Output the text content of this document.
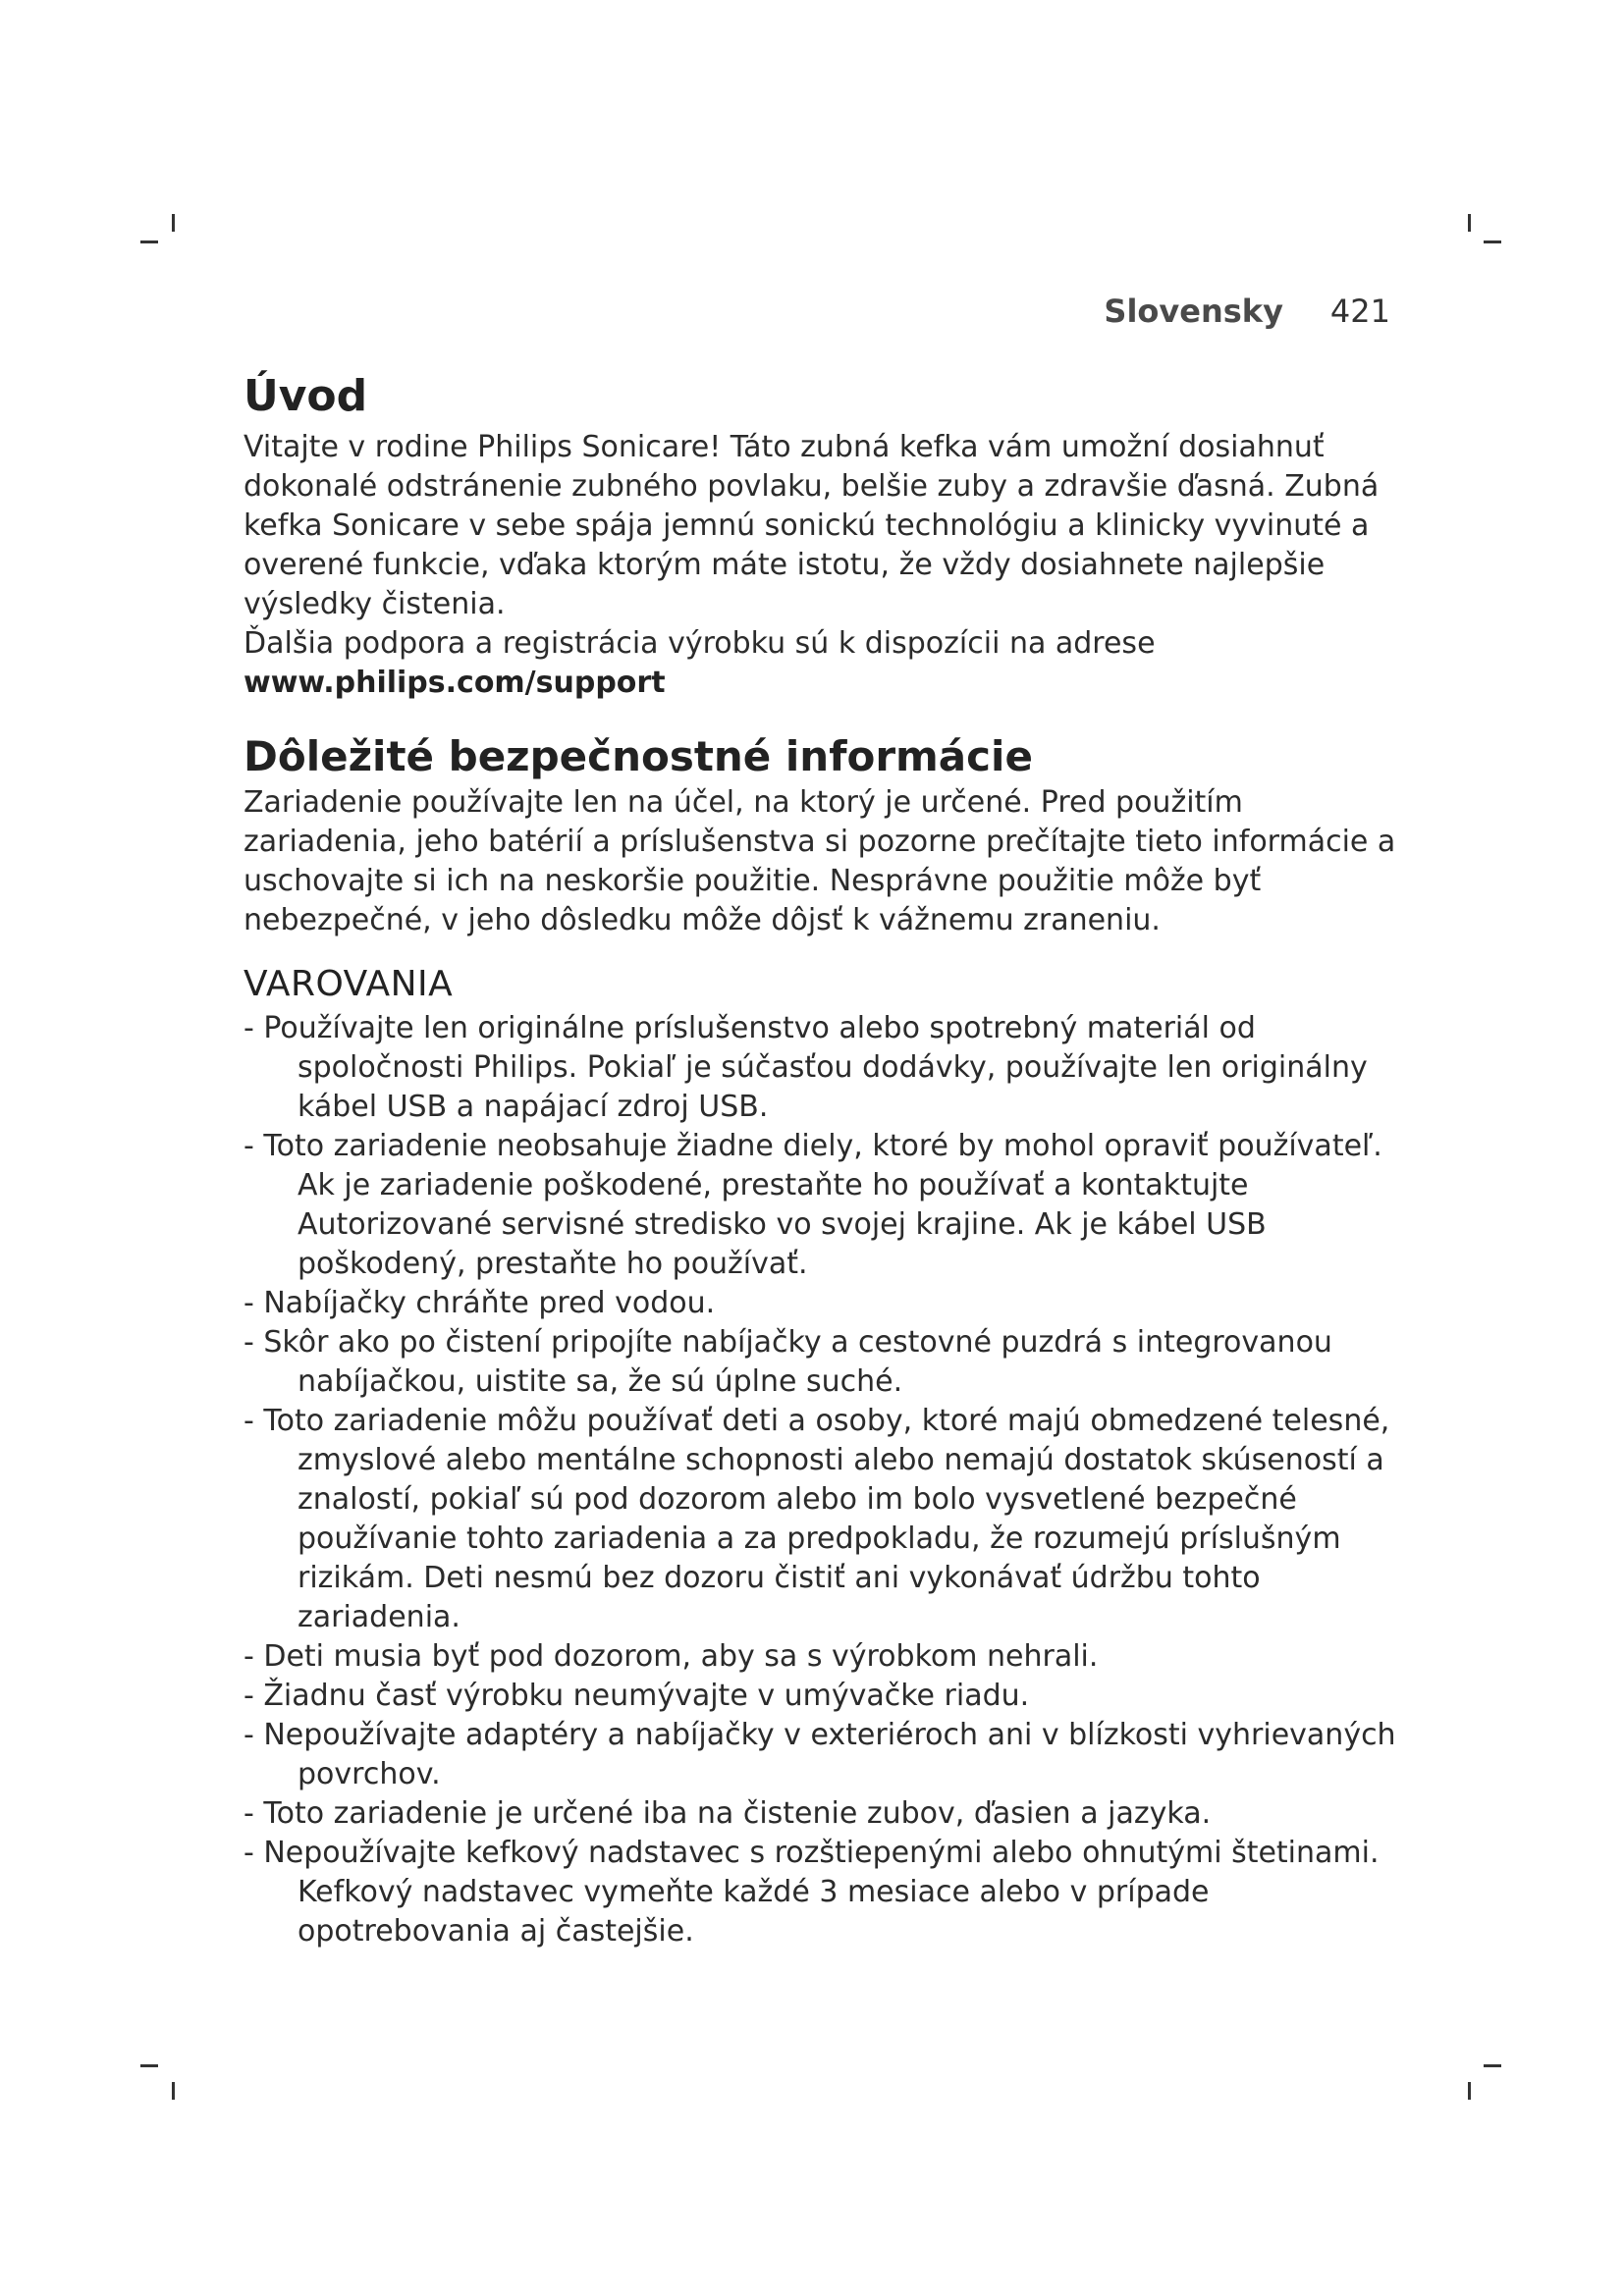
Slovensky 421
Úvod

Vitajte v rodine Philips Sonicare! Táto zubná kefka vám umožní dosiahnuť dokonalé odstránenie zubného povlaku, belšie zuby a zdravšie ďasná. Zubná kefka Sonicare v sebe spája jemnú sonickú technológiu a klinicky vyvinuté a overené funkcie, vďaka ktorým máte istotu, že vždy dosiahnete najlepšie výsledky čistenia.

Ďalšia podpora a registrácia výrobku sú k dispozícii na adrese

www.philips.com/support

Dôležité bezpečnostné informácie

Zariadenie používajte len na účel, na ktorý je určené. Pred použitím zariadenia, jeho batérií a príslušenstva si pozorne prečítajte tieto informácie a uschovajte si ich na neskoršie použitie. Nesprávne použitie môže byť nebezpečné, v jeho dôsledku môže dôjsť k vážnemu zraneniu.

VAROVANIA
- Používajte len originálne príslušenstvo alebo spotrebný materiál od spoločnosti Philips. Pokiaľ je súčasťou dodávky, používajte len originálny kábel USB a napájací zdroj USB.
- Toto zariadenie neobsahuje žiadne diely, ktoré by mohol opraviť používateľ. Ak je zariadenie poškodené, prestaňte ho používať a kontaktujte Autorizované servisné stredisko vo svojej krajine. Ak je kábel USB poškodený, prestaňte ho používať.
- Nabíjačky chráňte pred vodou.
- Skôr ako po čistení pripojíte nabíjačky a cestovné puzdrá s integrovanou nabíjačkou, uistite sa, že sú úplne suché.
- Toto zariadenie môžu používať deti a osoby, ktoré majú obmedzené telesné, zmyslové alebo mentálne schopnosti alebo nemajú dostatok skúseností a znalostí, pokiaľ sú pod dozorom alebo im bolo vysvetlené bezpečné používanie tohto zariadenia a za predpokladu, že rozumejú príslušným rizikám. Deti nesmú bez dozoru čistiť ani vykonávať údržbu tohto zariadenia.
- Deti musia byť pod dozorom, aby sa s výrobkom nehrali.
- Žiadnu časť výrobku neumývajte v umývačke riadu.
- Nepoužívajte adaptéry a nabíjačky v exteriéroch ani v blízkosti vyhrievaných povrchov.
- Toto zariadenie je určené iba na čistenie zubov, ďasien a jazyka.
- Nepoužívajte kefkový nadstavec s rozštiepenými alebo ohnutými štetinami. Kefkový nadstavec vymeňte každé 3 mesiace alebo v prípade opotrebovania aj častejšie.
